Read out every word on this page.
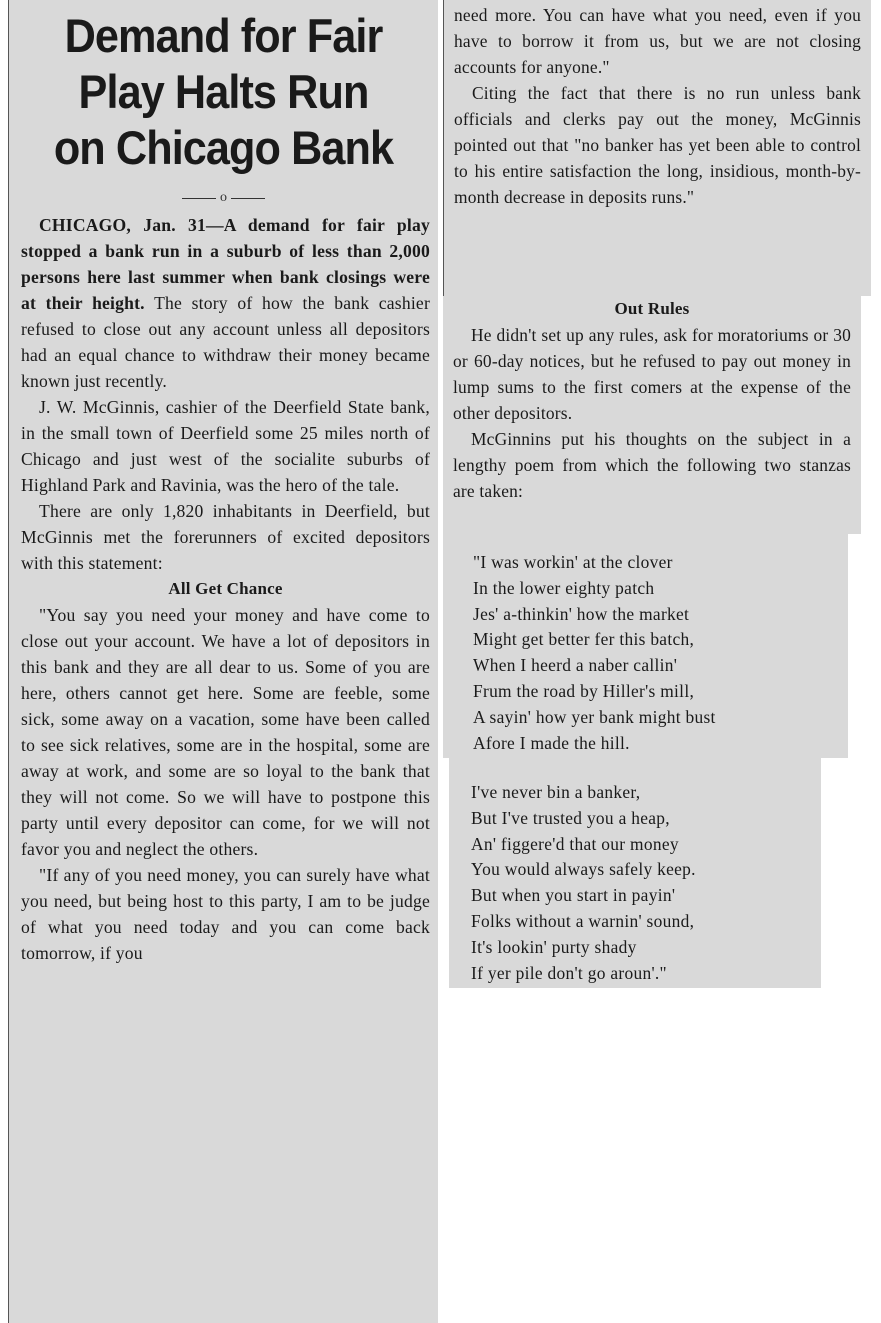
Demand for Fair
Play Halts Run
on Chicago Bank
o

CHICAGO, Jan. 31—A demand for fair play stopped a bank run in a suburb of less than 2,000 persons here last summer when bank closings were at their height. The story of how the bank cashier refused to close out any account unless all depositors had an equal chance to withdraw their money became known just recently.

J. W. McGinnis, cashier of the Deerfield State bank, in the small town of Deerfield some 25 miles north of Chicago and just west of the socialite suburbs of Highland Park and Ravinia, was the hero of the tale.

There are only 1,820 inhabitants in Deerfield, but McGinnis met the forerunners of excited depositors with this statement:

All Get Chance

"You say you need your money and have come to close out your account. We have a lot of depositors in this bank and they are all dear to us. Some of you are here, others cannot get here. Some are feeble, some sick, some away on a vacation, some have been called to see sick relatives, some are in the hospital, some are away at work, and some are so loyal to the bank that they will not come. So we will have to postpone this party until every depositor can come, for we will not favor you and neglect the others.

"If any of you need money, you can surely have what you need, but being host to this party, I am to be judge of what you need today and you can come back tomorrow, if you

need more. You can have what you need, even if you have to borrow it from us, but we are not closing accounts for anyone."

Citing the fact that there is no run unless bank officials and clerks pay out the money, McGinnis pointed out that "no banker has yet been able to control to his entire satisfaction the long, insidious, month-by-month decrease in deposits runs."

Out Rules

He didn't set up any rules, ask for moratoriums or 30 or 60-day notices, but he refused to pay out money in lump sums to the first comers at the expense of the other depositors.

McGinnins put his thoughts on the subject in a lengthy poem from which the following two stanzas are taken:

"I was workin' at the clover
In the lower eighty patch
Jes' a-thinkin' how the market
Might get better fer this batch,
When I heerd a naber callin'
Frum the road by Hiller's mill,
A sayin' how yer bank might bust
Afore I made the hill.
I've never bin a banker,
But I've trusted you a heap,
An' figgere'd that our money
You would always safely keep.
But when you start in payin'
Folks without a warnin' sound,
It's lookin' purty shady
If yer pile don't go aroun'."
